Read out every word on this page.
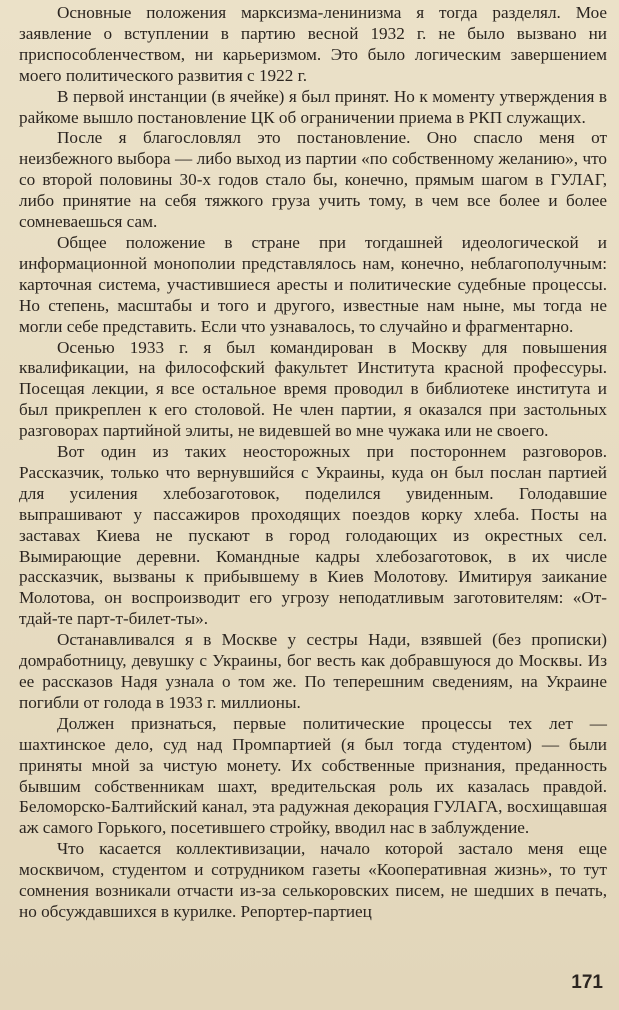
Основные положения марксизма-ленинизма я тогда разделял. Мое заявление о вступлении в партию весной 1932 г. не было вызвано ни приспособленчеством, ни карьеризмом. Это было логическим завершением моего политического развития с 1922 г.

В первой инстанции (в ячейке) я был принят. Но к моменту утверждения в райкоме вышло постановление ЦК об ограничении приема в РКП служащих.

После я благословлял это постановление. Оно спасло меня от неизбежного выбора — либо выход из партии «по собственному желанию», что со второй половины 30-х годов стало бы, конечно, прямым шагом в ГУЛАГ, либо принятие на себя тяжкого груза учить тому, в чем все более и более сомневаешься сам.

Общее положение в стране при тогдашней идеологической и информационной монополии представлялось нам, конечно, неблагополучным: карточная система, участившиеся аресты и политические судебные процессы. Но степень, масштабы и того и другого, известные нам ныне, мы тогда не могли себе представить. Если что узнавалось, то случайно и фрагментарно.

Осенью 1933 г. я был командирован в Москву для повышения квалификации, на философский факультет Института красной профессуры. Посещая лекции, я все остальное время проводил в библиотеке института и был прикреплен к его столовой. Не член партии, я оказался при застольных разговорах партийной элиты, не видевшей во мне чужака или не своего.

Вот один из таких неосторожных при постороннем разговоров. Рассказчик, только что вернувшийся с Украины, куда он был послан партией для усиления хлебозаготовок, поделился увиденным. Голодавшие выпрашивают у пассажиров проходящих поездов корку хлеба. Посты на заставах Киева не пускают в город голодающих из окрестных сел. Вымирающие деревни. Командные кадры хлебозаготовок, в их числе рассказчик, вызваны к прибывшему в Киев Молотову. Имитируя заикание Молотова, он воспроизводит его угрозу неподатливым заготовителям: «От-тдай-те парт-т-билет-ты».

Останавливался я в Москве у сестры Нади, взявшей (без прописки) домработницу, девушку с Украины, бог весть как добравшуюся до Москвы. Из ее рассказов Надя узнала о том же. По теперешним сведениям, на Украине погибли от голода в 1933 г. миллионы.

Должен признаться, первые политические процессы тех лет — шахтинское дело, суд над Промпартией (я был тогда студентом) — были приняты мной за чистую монету. Их собственные признания, преданность бывшим собственникам шахт, вредительская роль их казалась правдой. Беломорско-Балтийский канал, эта радужная декорация ГУЛАГА, восхищавшая аж самого Горького, посетившего стройку, вводил нас в заблуждение.

Что касается коллективизации, начало которой застало меня еще москвичом, студентом и сотрудником газеты «Кооперативная жизнь», то тут сомнения возникали отчасти из-за селькоровских писем, не шедших в печать, но обсуждавшихся в курилке. Репортер-партиец

171
